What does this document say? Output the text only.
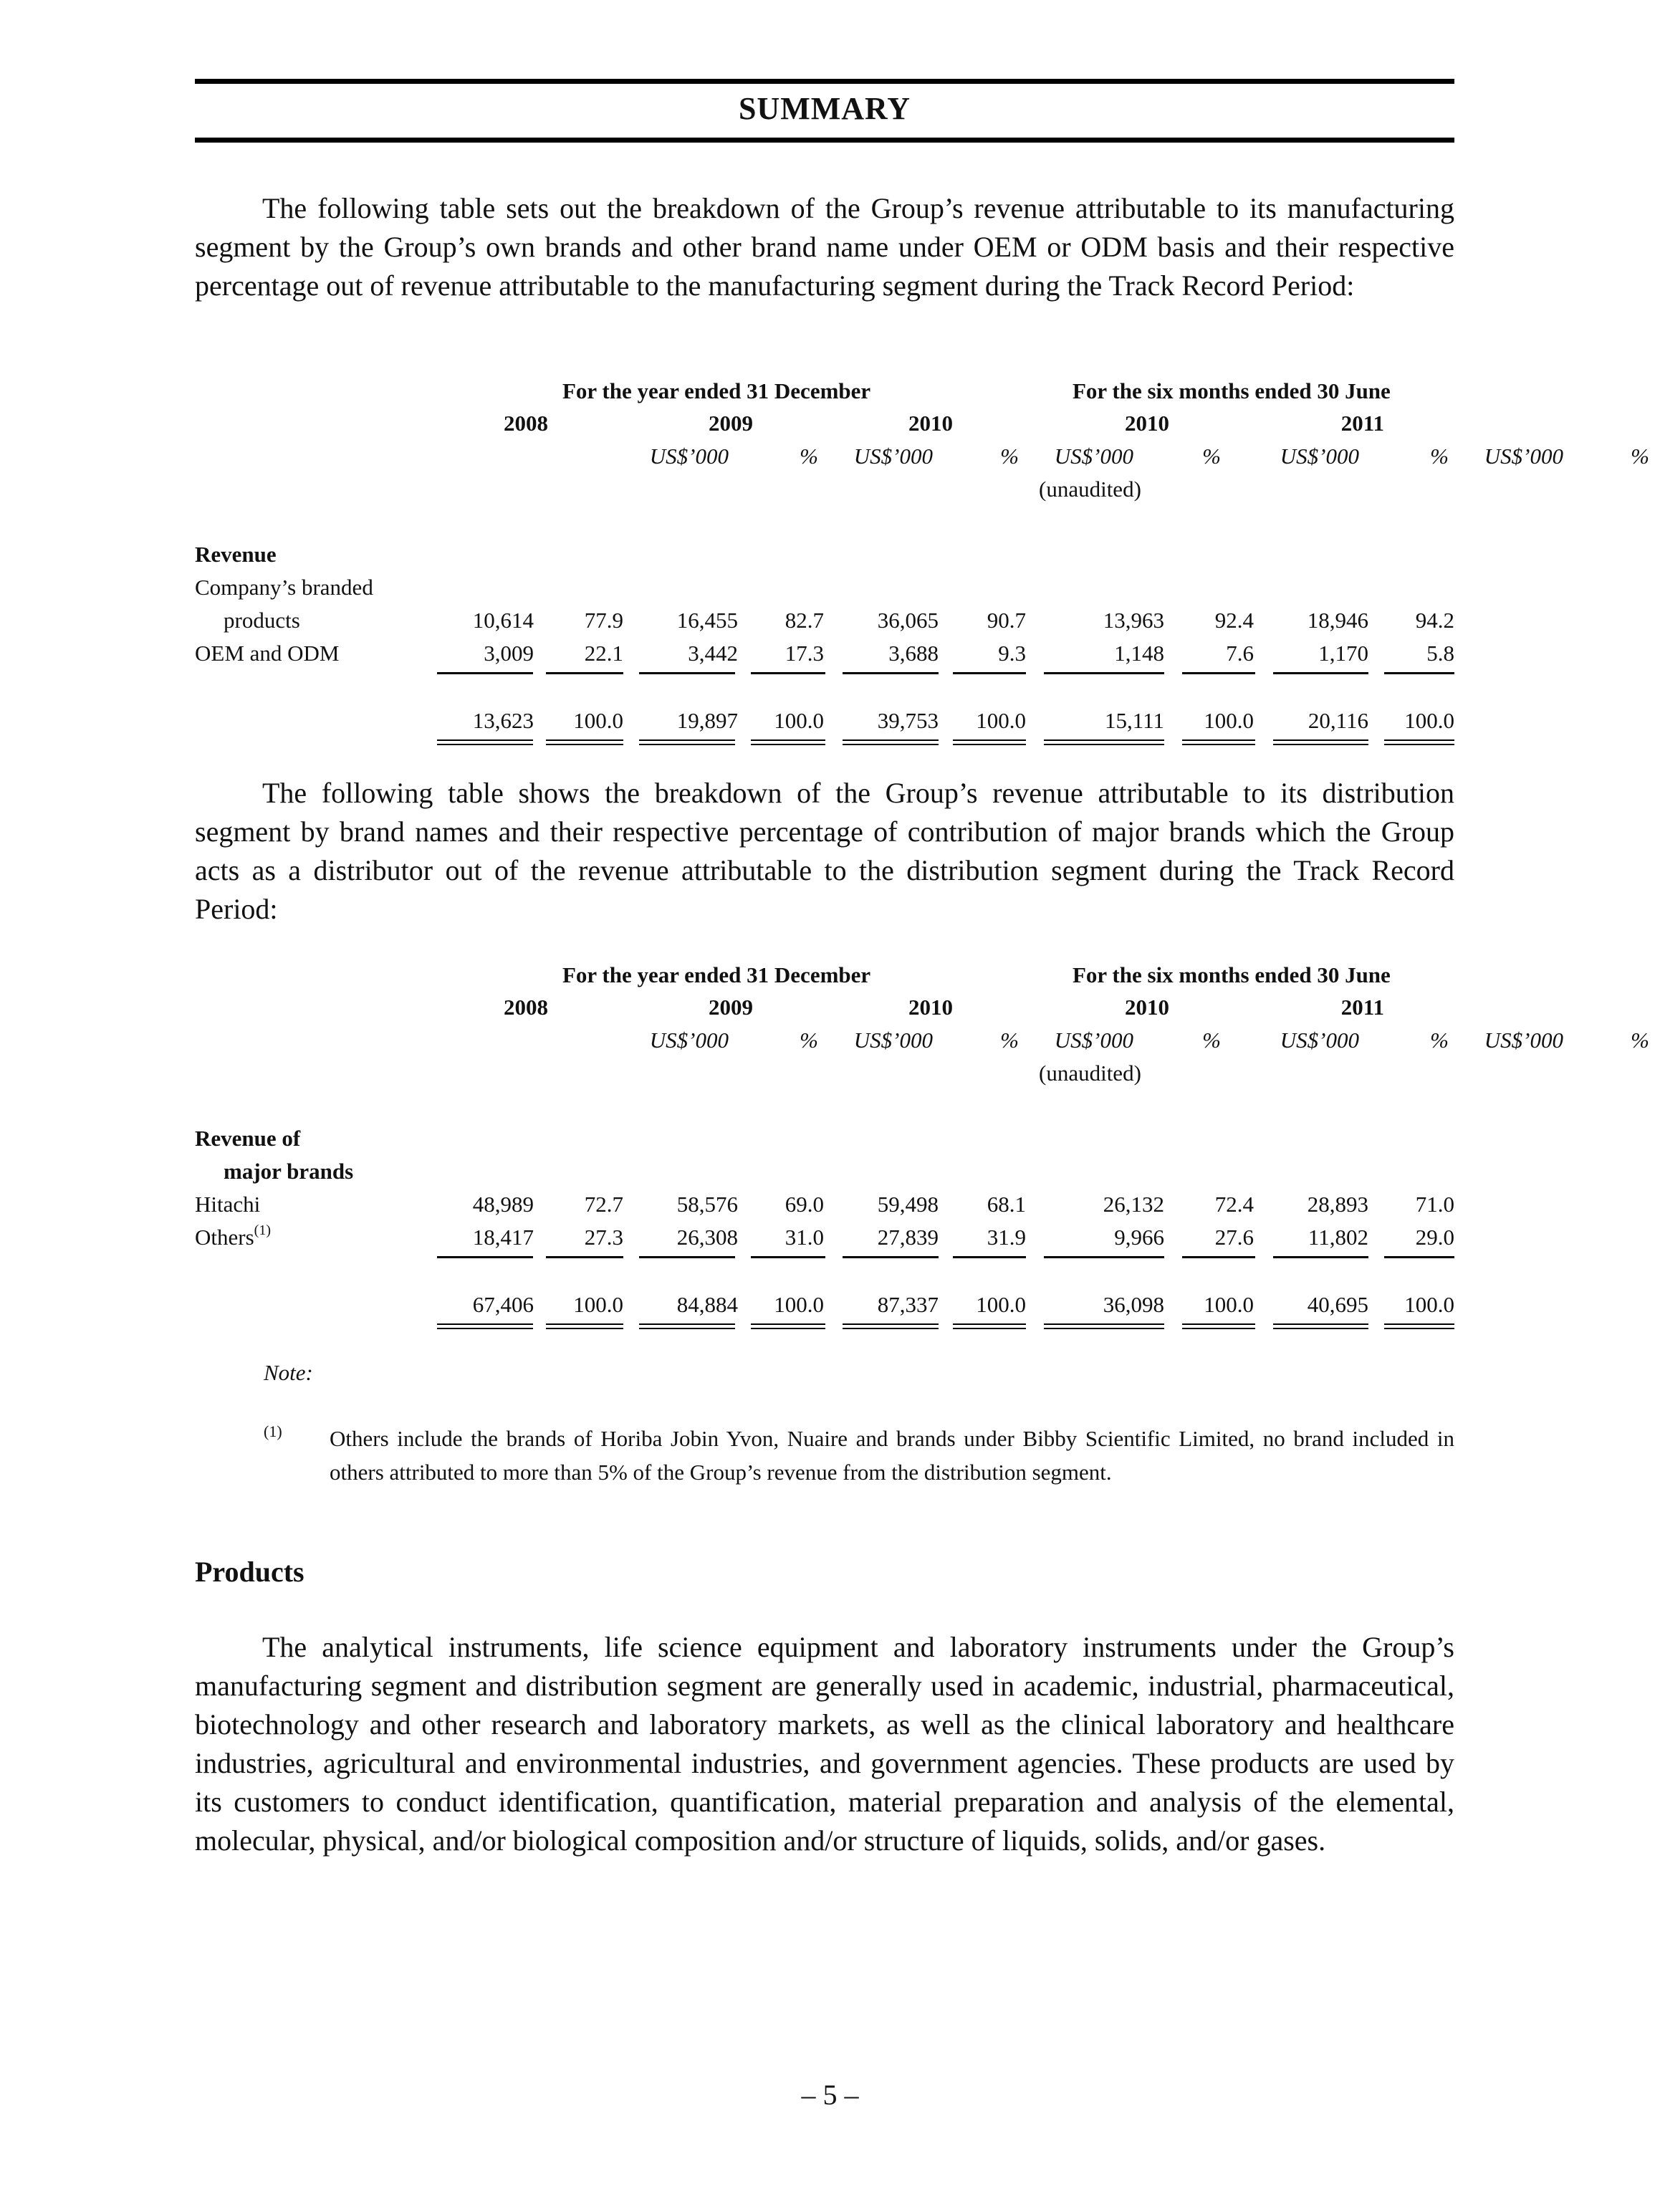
SUMMARY
The following table sets out the breakdown of the Group’s revenue attributable to its manufacturing segment by the Group’s own brands and other brand name under OEM or ODM basis and their respective percentage out of revenue attributable to the manufacturing segment during the Track Record Period:
For the year ended 31 December	For the six months ended 30 June
2008	2009	2010	2010	2011
US$’000	% US$’000	% US$’000	%	US$’000	% US$’000	%
(unaudited)
Revenue
Company’s branded
products	10,614 77.9 16,455 82.7 36,065 90.7	13,963 92.4 18,946 94.2
OEM and ODM	3,009 22.1	3,442 17.3	3,688	9.3	1,148	7.6	1,170	5.8
13,623 100.0 19,897 100.0 39,753 100.0	15,111 100.0 20,116 100.0
The following table shows the breakdown of the Group’s revenue attributable to its distribution segment by brand names and their respective percentage of contribution of major brands which the Group acts as a distributor out of the revenue attributable to the distribution segment during the Track Record Period:
For the year ended 31 December	For the six months ended 30 June
2008	2009	2010	2010	2011
US$’000	% US$’000	% US$’000	%	US$’000	% US$’000	%
(unaudited)
Revenue of
major brands
Hitachi	48,989 72.7 58,576 69.0 59,498 68.1	26,132 72.4 28,893 71.0
Others$^{(1)}$	18,417 27.3 26,308 31.0 27,839 31.9	9,966 27.6 11,802 29.0
67,406 100.0 84,884 100.0 87,337 100.0	36,098 100.0 40,695 100.0
Note:
(1) Others include the brands of Horiba Jobin Yvon, Nuaire and brands under Bibby Scientific Limited, no brand included in others attributed to more than 5% of the Group’s revenue from the distribution segment.
Products
The analytical instruments, life science equipment and laboratory instruments under the Group’s manufacturing segment and distribution segment are generally used in academic, industrial, pharmaceutical, biotechnology and other research and laboratory markets, as well as the clinical laboratory and healthcare industries, agricultural and environmental industries, and government agencies. These products are used by its customers to conduct identification, quantification, material preparation and analysis of the elemental, molecular, physical, and/or biological composition and/or structure of liquids, solids, and/or gases.
– 5 –
